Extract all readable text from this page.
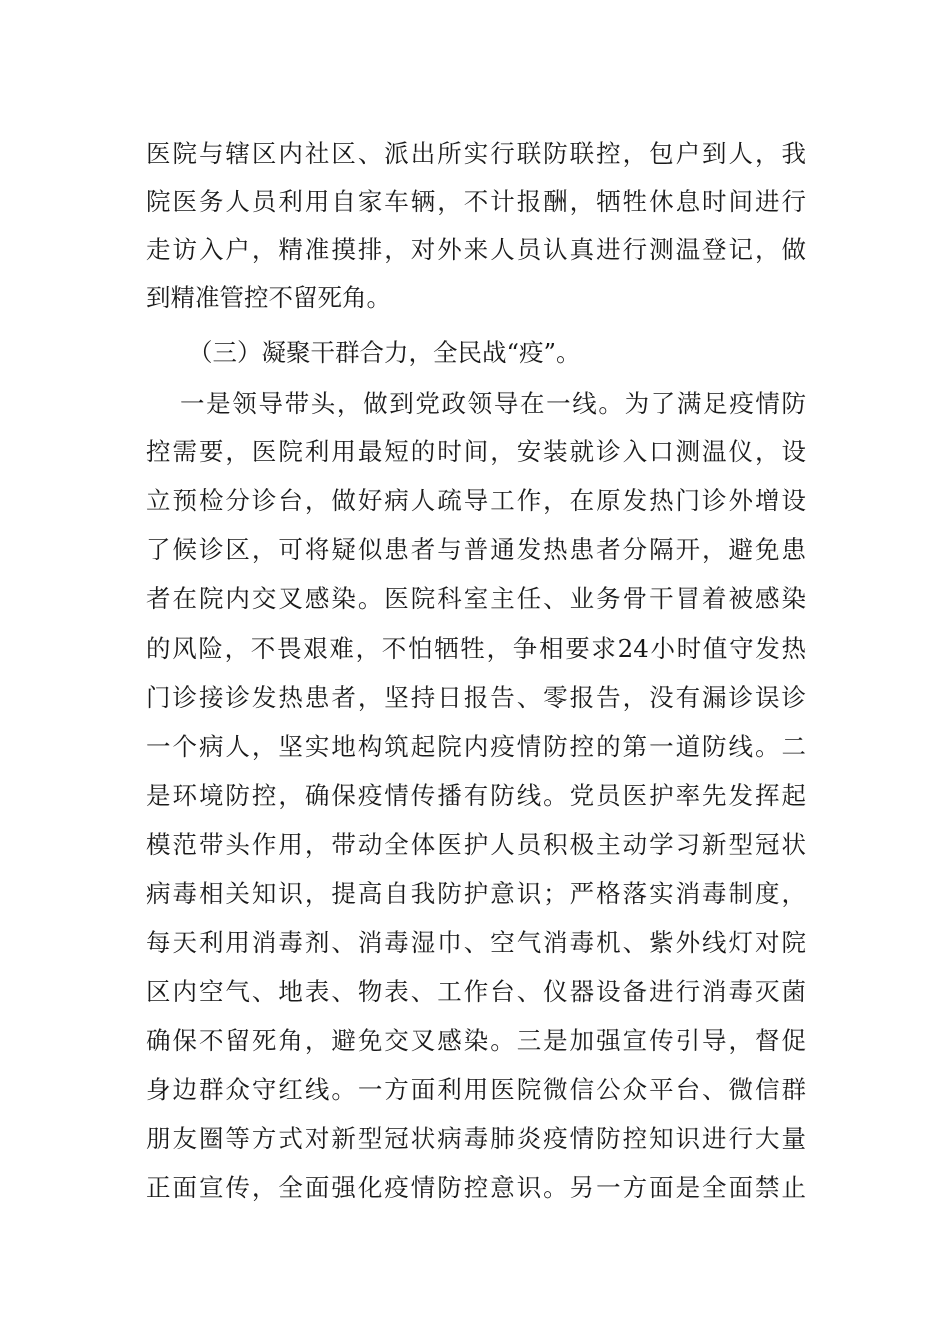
医院与辖区内社区、派出所实行联防联控，包户到人，我
院医务人员利用自家车辆，不计报酬，牺牲休息时间进行
走访入户，精准摸排，对外来人员认真进行测温登记，做
到精准管控不留死角。
（三）凝聚干群合力，全民战“疫”。
一是领导带头，做到党政领导在一线。为了满足疫情防
控需要，医院利用最短的时间，安装就诊入口测温仪，设
立预检分诊台，做好病人疏导工作，在原发热门诊外增设
了候诊区，可将疑似患者与普通发热患者分隔开，避免患
者在院内交叉感染。医院科室主任、业务骨干冒着被感染
的风险，不畏艰难，不怕牺牲，争相要求24小时值守发热
门诊接诊发热患者，坚持日报告、零报告，没有漏诊误诊
一个病人，坚实地构筑起院内疫情防控的第一道防线。二
是环境防控，确保疫情传播有防线。党员医护率先发挥起
模范带头作用，带动全体医护人员积极主动学习新型冠状
病毒相关知识，提高自我防护意识；严格落实消毒制度，
每天利用消毒剂、消毒湿巾、空气消毒机、紫外线灯对院
区内空气、地表、物表、工作台、仪器设备进行消毒灭菌
确保不留死角，避免交叉感染。三是加强宣传引导，督促
身边群众守红线。一方面利用医院微信公众平台、微信群
朋友圈等方式对新型冠状病毒肺炎疫情防控知识进行大量
正面宣传，全面强化疫情防控意识。另一方面是全面禁止
